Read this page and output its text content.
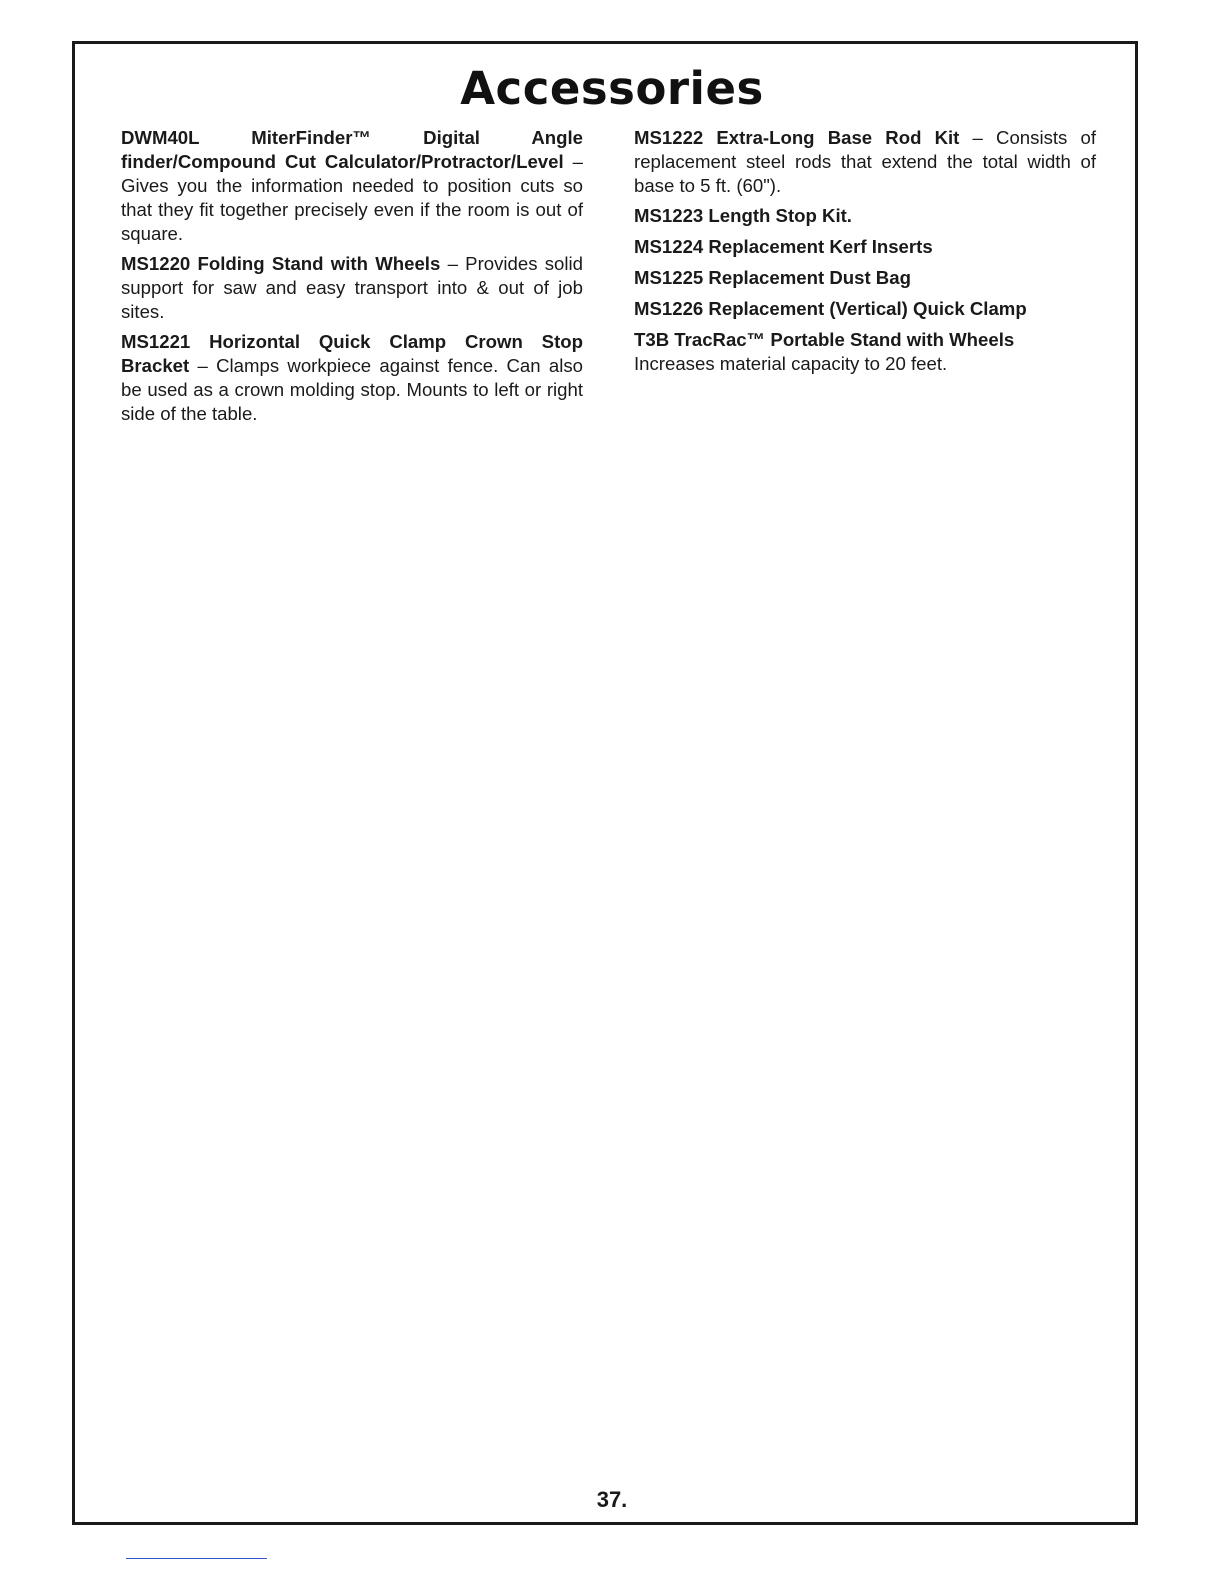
Accessories

DWM40L MiterFinder™ Digital Angle finder/Compound Cut Calculator/Protractor/Level – Gives you the information needed to position cuts so that they fit together precisely even if the room is out of square.

MS1220 Folding Stand with Wheels – Provides solid support for saw and easy transport into & out of job sites.

MS1221 Horizontal Quick Clamp Crown Stop Bracket – Clamps workpiece against fence. Can also be used as a crown molding stop. Mounts to left or right side of the table.

MS1222 Extra-Long Base Rod Kit – Consists of replacement steel rods that extend the total width of base to 5 ft. (60").

MS1223 Length Stop Kit.

MS1224 Replacement Kerf Inserts

MS1225 Replacement Dust Bag

MS1226 Replacement (Vertical) Quick Clamp

T3B TracRac™ Portable Stand with Wheels
Increases material capacity to 20 feet.

37.
